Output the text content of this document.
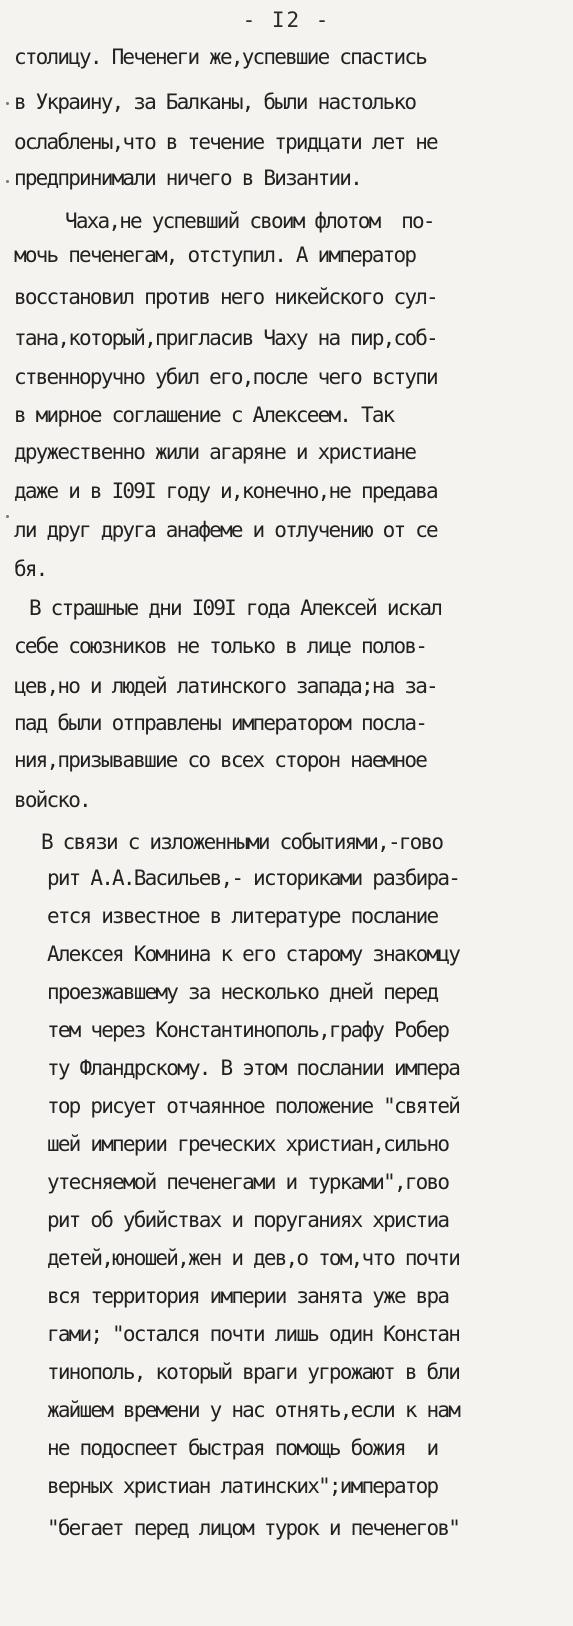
- I2 -
столицу. Печенеги же,успевшие спастись
в Украину, за Балканы, были настолько
ослаблены,что в течение тридцати лет не
предпринимали ничего в Византии.
Чаха,не успевший своим флотом  по-
мочь печенегам, отступил. А император
восстановил против него никейского сул-
тана,который,пригласив Чаху на пир,соб-
ственноручно убил его,после чего вступи
в мирное соглашение с Алексеем. Так
дружественно жили агаряне и христиане
даже и в I09I году и,конечно,не предава
ли друг друга анафеме и отлучению от се
бя.
В страшные дни I09I года Алексей искал
себе союзников не только в лице полов-
цев,но и людей латинского запада;на за-
пад были отправлены императором посла-
ния,призывавшие со всех сторон наемное
войско.
В связи с изложенными событиями,-гово
рит А.А.Васильев,- историками разбира-
ется известное в литературе послание
Алексея Комнина к его старому знакомцу
проезжавшему за несколько дней перед
тем через Константинополь,графу Робер
ту Фландрскому. В этом послании импера
тор рисует отчаянное положение "святей
шей империи греческих христиан,сильно
утесняемой печенегами и турками",гово
рит об убийствах и поруганиях христиа
детей,юношей,жен и дев,о том,что почти
вся территория империи занята уже вра
гами; "остался почти лишь один Констан
тинополь, который враги угрожают в бли
жайшем времени у нас отнять,если к нам
не подоспеет быстрая помощь божия  и
верных христиан латинских";император
"бегает перед лицом турок и печенегов"
